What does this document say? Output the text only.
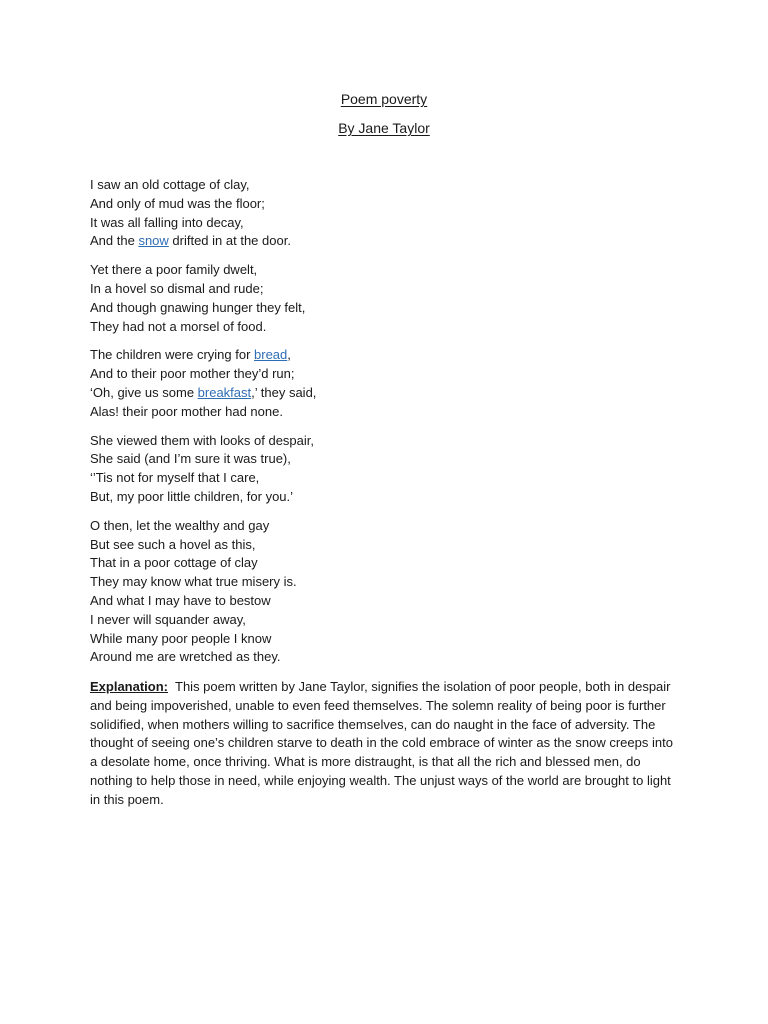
Poem poverty
By Jane Taylor
I saw an old cottage of clay,
And only of mud was the floor;
It was all falling into decay,
And the snow drifted in at the door.
Yet there a poor family dwelt,
In a hovel so dismal and rude;
And though gnawing hunger they felt,
They had not a morsel of food.
The children were crying for bread,
And to their poor mother they’d run;
‘Oh, give us some breakfast,’ they said,
Alas! their poor mother had none.
She viewed them with looks of despair,
She said (and I’m sure it was true),
‘’Tis not for myself that I care,
But, my poor little children, for you.’
O then, let the wealthy and gay
But see such a hovel as this,
That in a poor cottage of clay
They may know what true misery is.
And what I may have to bestow
I never will squander away,
While many poor people I know
Around me are wretched as they.
Explanation: This poem written by Jane Taylor, signifies the isolation of poor people, both in despair and being impoverished, unable to even feed themselves. The solemn reality of being poor is further solidified, when mothers willing to sacrifice themselves, can do naught in the face of adversity. The thought of seeing one’s children starve to death in the cold embrace of winter as the snow creeps into a desolate home, once thriving. What is more distraught, is that all the rich and blessed men, do nothing to help those in need, while enjoying wealth. The unjust ways of the world are brought to light in this poem.
